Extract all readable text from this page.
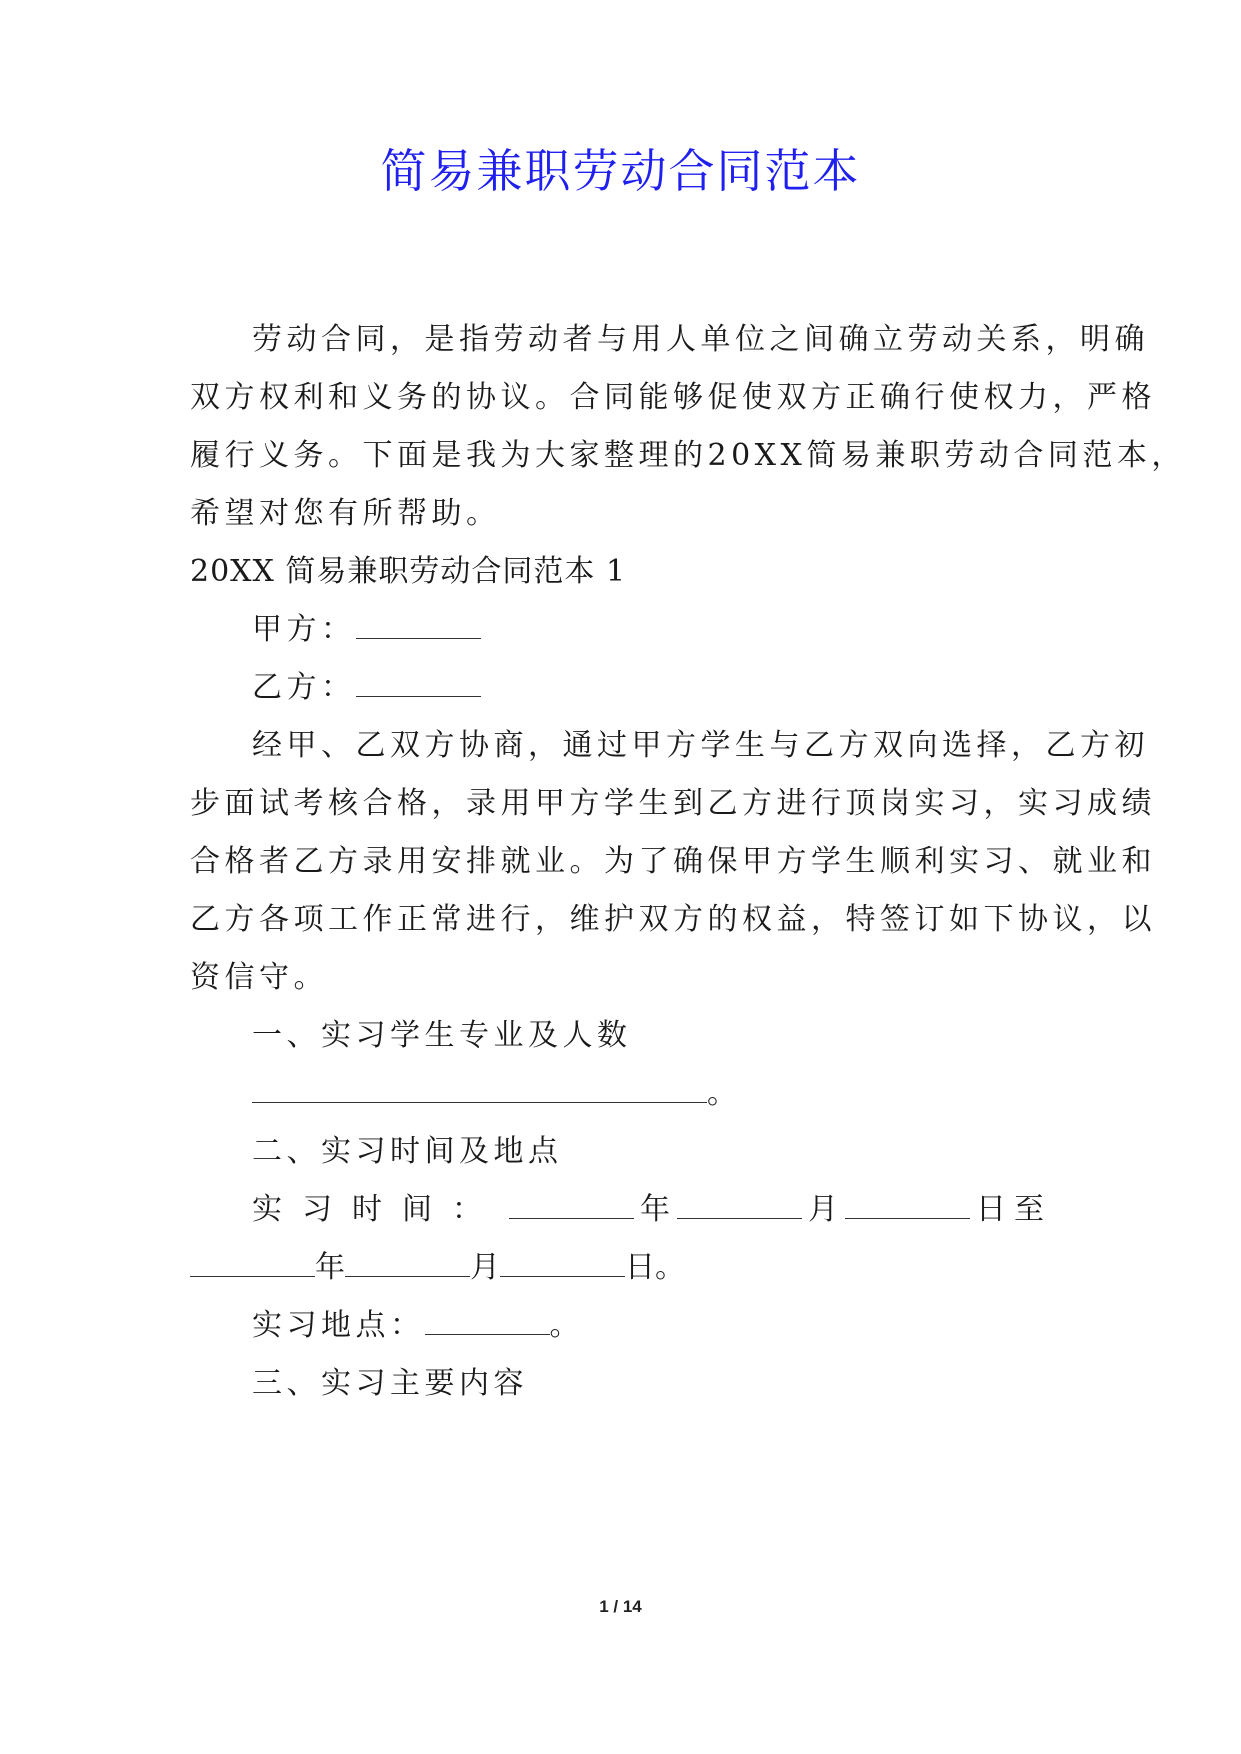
简易兼职劳动合同范本
劳动合同，是指劳动者与用人单位之间确立劳动关系，明确
双方权利和义务的协议。合同能够促使双方正确行使权力，严格
履行义务。下面是我为大家整理的20XX简易兼职劳动合同范本，
希望对您有所帮助。
20XX 简易兼职劳动合同范本 1
甲方：
乙方：
经甲、乙双方协商，通过甲方学生与乙方双向选择，乙方初
步面试考核合格，录用甲方学生到乙方进行顶岗实习，实习成绩
合格者乙方录用安排就业。为了确保甲方学生顺利实习、就业和
乙方各项工作正常进行，维护双方的权益，特签订如下协议，以
资信守。
一、实习学生专业及人数
。
二、实习时间及地点
实习时间：	年	月	日至
年	月	日。
实习地点：	。
三、实习主要内容
1 / 14
